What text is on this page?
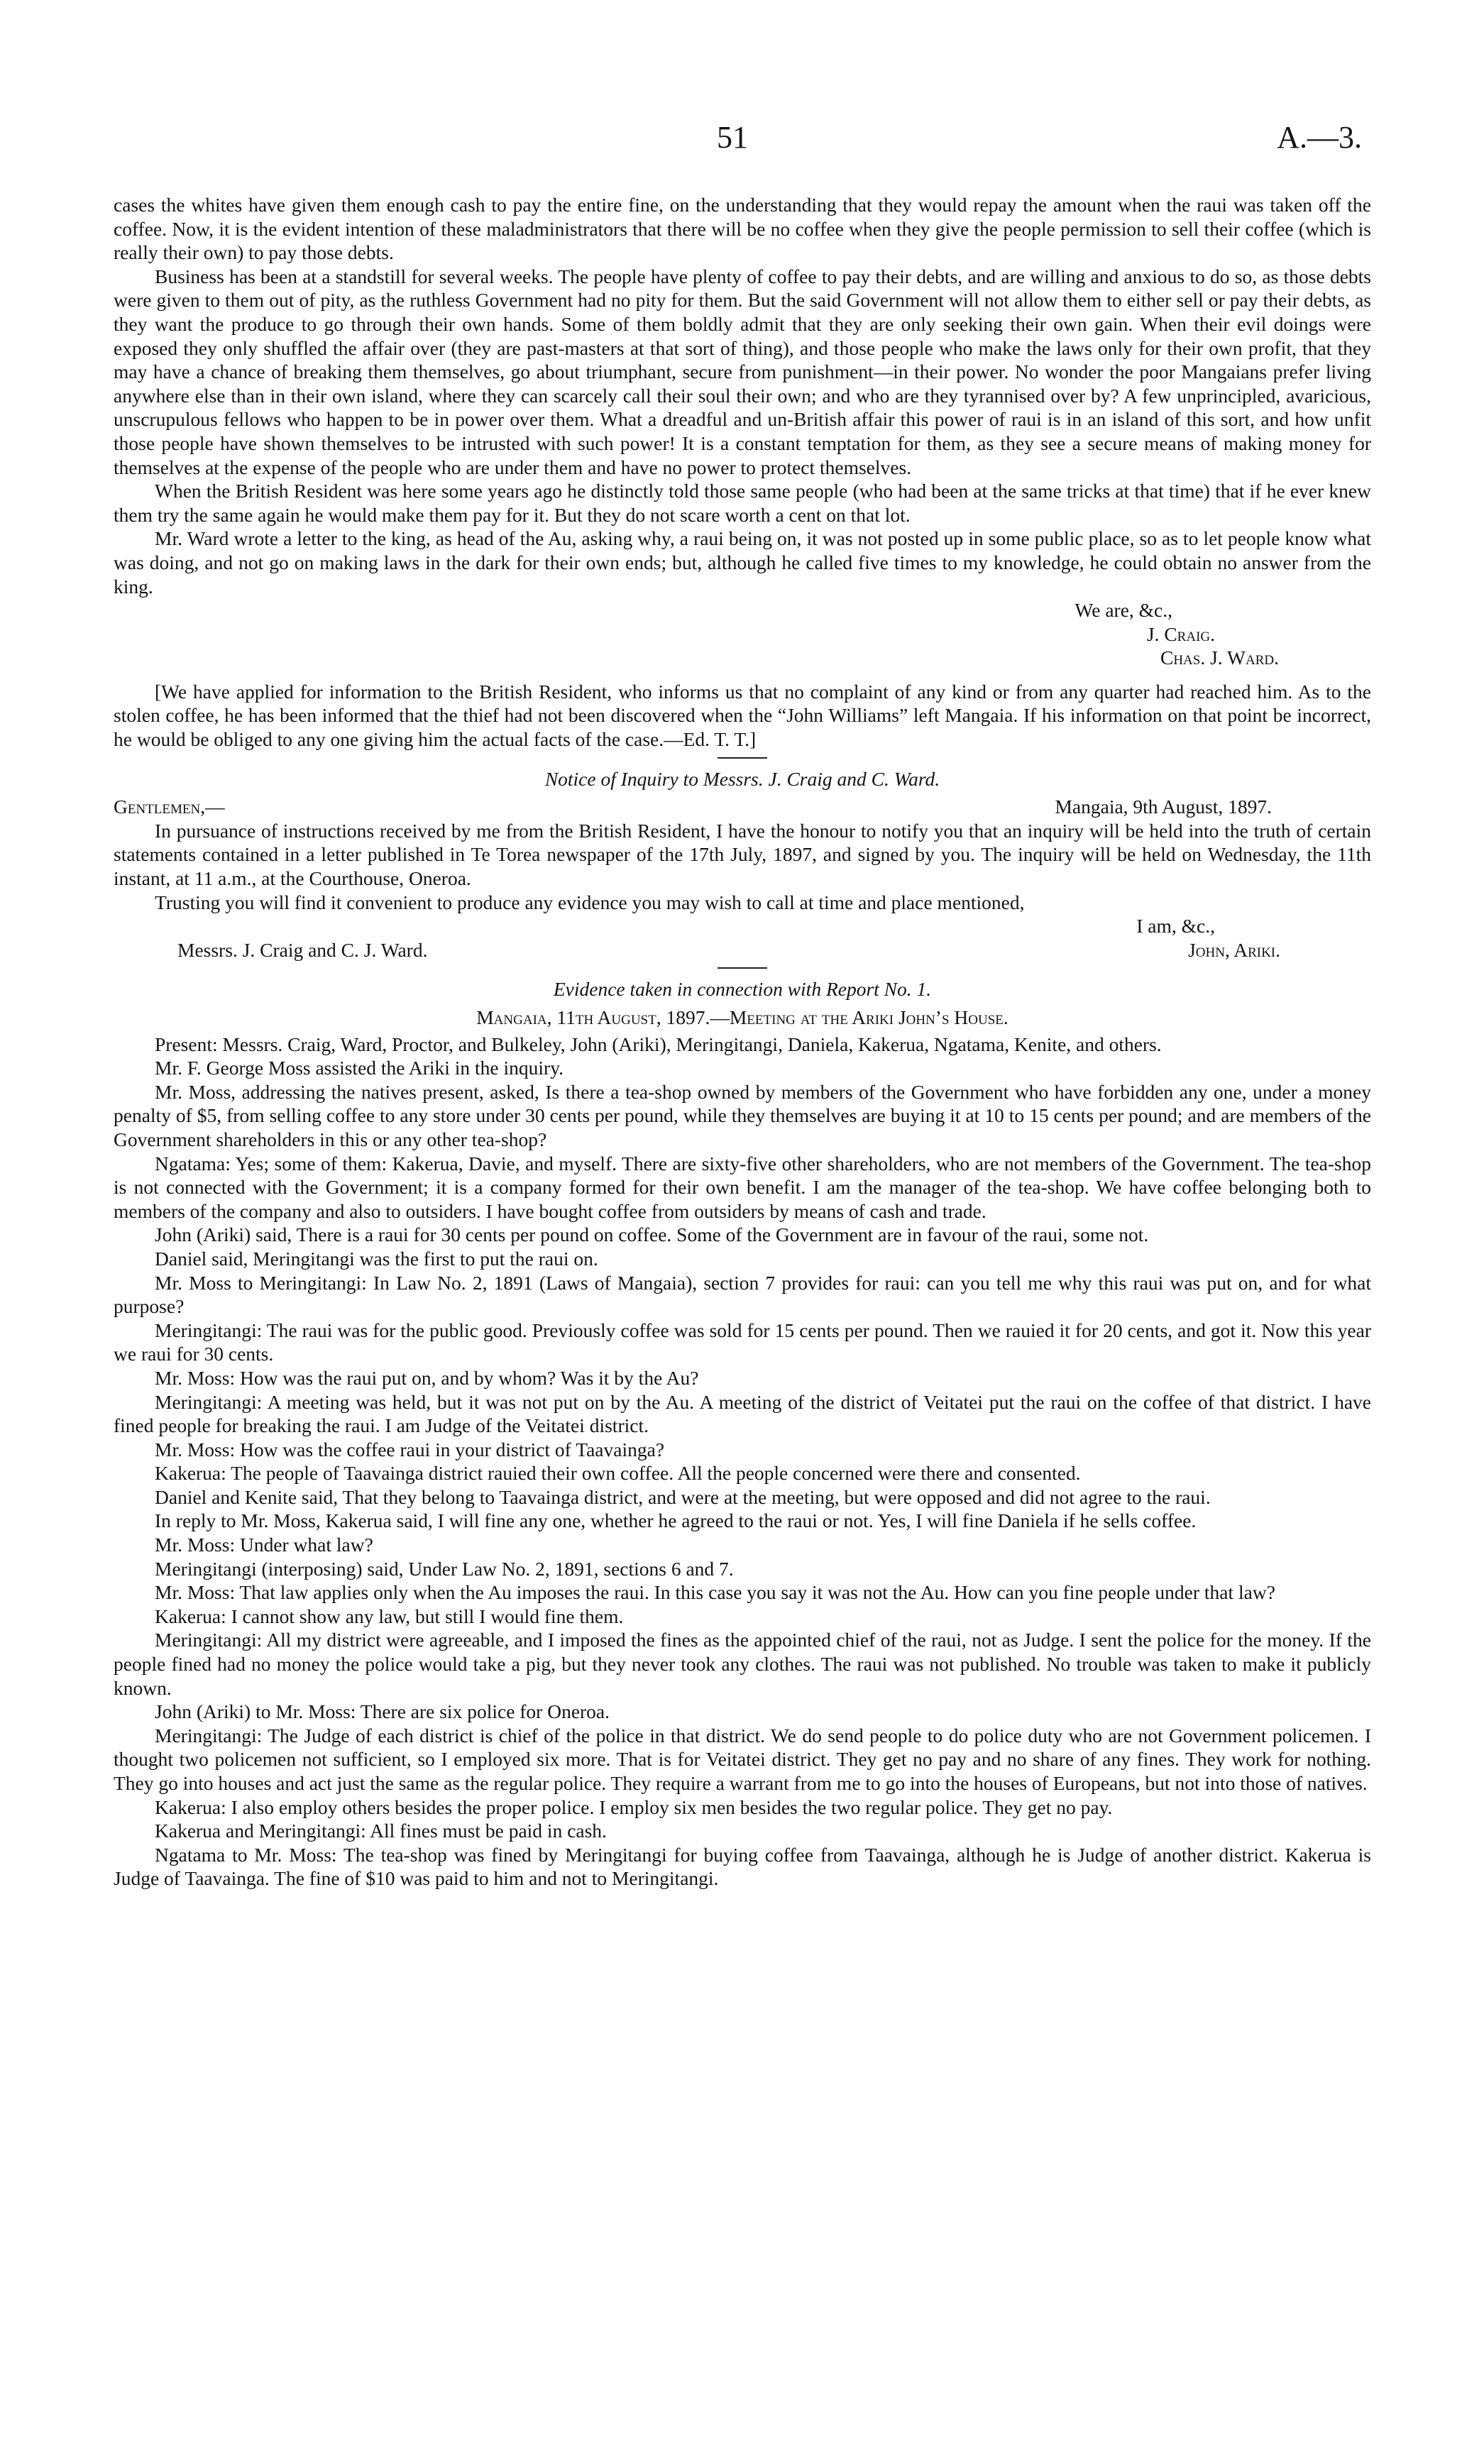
51	A.—3.

cases the whites have given them enough cash to pay the entire fine, on the understanding that they would repay the amount when the raui was taken off the coffee. Now, it is the evident intention of these maladministrators that there will be no coffee when they give the people permission to sell their coffee (which is really their own) to pay those debts.

Business has been at a standstill for several weeks. The people have plenty of coffee to pay their debts, and are willing and anxious to do so, as those debts were given to them out of pity, as the ruthless Government had no pity for them. But the said Government will not allow them to either sell or pay their debts, as they want the produce to go through their own hands. Some of them boldly admit that they are only seeking their own gain. When their evil doings were exposed they only shuffled the affair over (they are past-masters at that sort of thing), and those people who make the laws only for their own profit, that they may have a chance of breaking them themselves, go about triumphant, secure from punishment—in their power. No wonder the poor Mangaians prefer living anywhere else than in their own island, where they can scarcely call their soul their own; and who are they tyrannised over by? A few unprincipled, avaricious, unscrupulous fellows who happen to be in power over them. What a dreadful and un-British affair this power of raui is in an island of this sort, and how unfit those people have shown themselves to be intrusted with such power! It is a constant temptation for them, as they see a secure means of making money for themselves at the expense of the people who are under them and have no power to protect themselves.

When the British Resident was here some years ago he distinctly told those same people (who had been at the same tricks at that time) that if he ever knew them try the same again he would make them pay for it. But they do not scare worth a cent on that lot.

Mr. Ward wrote a letter to the king, as head of the Au, asking why, a raui being on, it was not posted up in some public place, so as to let people know what was doing, and not go on making laws in the dark for their own ends; but, although he called five times to my knowledge, he could obtain no answer from the king.

We are, &c.,

J. Craig.

Chas. J. Ward.

[We have applied for information to the British Resident, who informs us that no complaint of any kind or from any quarter had reached him. As to the stolen coffee, he has been informed that the thief had not been discovered when the “John Williams” left Mangaia. If his information on that point be incorrect, he would be obliged to any one giving him the actual facts of the case.—Ed. T. T.]

Notice of Inquiry to Messrs. J. Craig and C. Ward.

Gentlemen,—	Mangaia, 9th August, 1897.

In pursuance of instructions received by me from the British Resident, I have the honour to notify you that an inquiry will be held into the truth of certain statements contained in a letter published in Te Torea newspaper of the 17th July, 1897, and signed by you. The inquiry will be held on Wednesday, the 11th instant, at 11 a.m., at the Courthouse, Oneroa.

Trusting you will find it convenient to produce any evidence you may wish to call at time and place mentioned,

I am, &c.,

Messrs. J. Craig and C. J. Ward.	John, Ariki.

Evidence taken in connection with Report No. 1.

Mangaia, 11th August, 1897.—Meeting at the Ariki John’s House.

Present: Messrs. Craig, Ward, Proctor, and Bulkeley, John (Ariki), Meringitangi, Daniela, Kakerua, Ngatama, Kenite, and others.

Mr. F. George Moss assisted the Ariki in the inquiry.

Mr. Moss, addressing the natives present, asked, Is there a tea-shop owned by members of the Government who have forbidden any one, under a money penalty of $5, from selling coffee to any store under 30 cents per pound, while they themselves are buying it at 10 to 15 cents per pound; and are members of the Government shareholders in this or any other tea-shop?

Ngatama: Yes; some of them: Kakerua, Davie, and myself. There are sixty-five other shareholders, who are not members of the Government. The tea-shop is not connected with the Government; it is a company formed for their own benefit. I am the manager of the tea-shop. We have coffee belonging both to members of the company and also to outsiders. I have bought coffee from outsiders by means of cash and trade.

John (Ariki) said, There is a raui for 30 cents per pound on coffee. Some of the Government are in favour of the raui, some not.

Daniel said, Meringitangi was the first to put the raui on.

Mr. Moss to Meringitangi: In Law No. 2, 1891 (Laws of Mangaia), section 7 provides for raui: can you tell me why this raui was put on, and for what purpose?

Meringitangi: The raui was for the public good. Previously coffee was sold for 15 cents per pound. Then we rauied it for 20 cents, and got it. Now this year we raui for 30 cents.

Mr. Moss: How was the raui put on, and by whom? Was it by the Au?

Meringitangi: A meeting was held, but it was not put on by the Au. A meeting of the district of Veitatei put the raui on the coffee of that district. I have fined people for breaking the raui. I am Judge of the Veitatei district.

Mr. Moss: How was the coffee raui in your district of Taavainga?

Kakerua: The people of Taavainga district rauied their own coffee. All the people concerned were there and consented.

Daniel and Kenite said, That they belong to Taavainga district, and were at the meeting, but were opposed and did not agree to the raui.

In reply to Mr. Moss, Kakerua said, I will fine any one, whether he agreed to the raui or not. Yes, I will fine Daniela if he sells coffee.

Mr. Moss: Under what law?

Meringitangi (interposing) said, Under Law No. 2, 1891, sections 6 and 7.

Mr. Moss: That law applies only when the Au imposes the raui. In this case you say it was not the Au. How can you fine people under that law?

Kakerua: I cannot show any law, but still I would fine them.

Meringitangi: All my district were agreeable, and I imposed the fines as the appointed chief of the raui, not as Judge. I sent the police for the money. If the people fined had no money the police would take a pig, but they never took any clothes. The raui was not published. No trouble was taken to make it publicly known.

John (Ariki) to Mr. Moss: There are six police for Oneroa.

Meringitangi: The Judge of each district is chief of the police in that district. We do send people to do police duty who are not Government policemen. I thought two policemen not sufficient, so I employed six more. That is for Veitatei district. They get no pay and no share of any fines. They work for nothing. They go into houses and act just the same as the regular police. They require a warrant from me to go into the houses of Europeans, but not into those of natives.

Kakerua: I also employ others besides the proper police. I employ six men besides the two regular police. They get no pay.

Kakerua and Meringitangi: All fines must be paid in cash.

Ngatama to Mr. Moss: The tea-shop was fined by Meringitangi for buying coffee from Taavainga, although he is Judge of another district. Kakerua is Judge of Taavainga. The fine of $10 was paid to him and not to Meringitangi.
